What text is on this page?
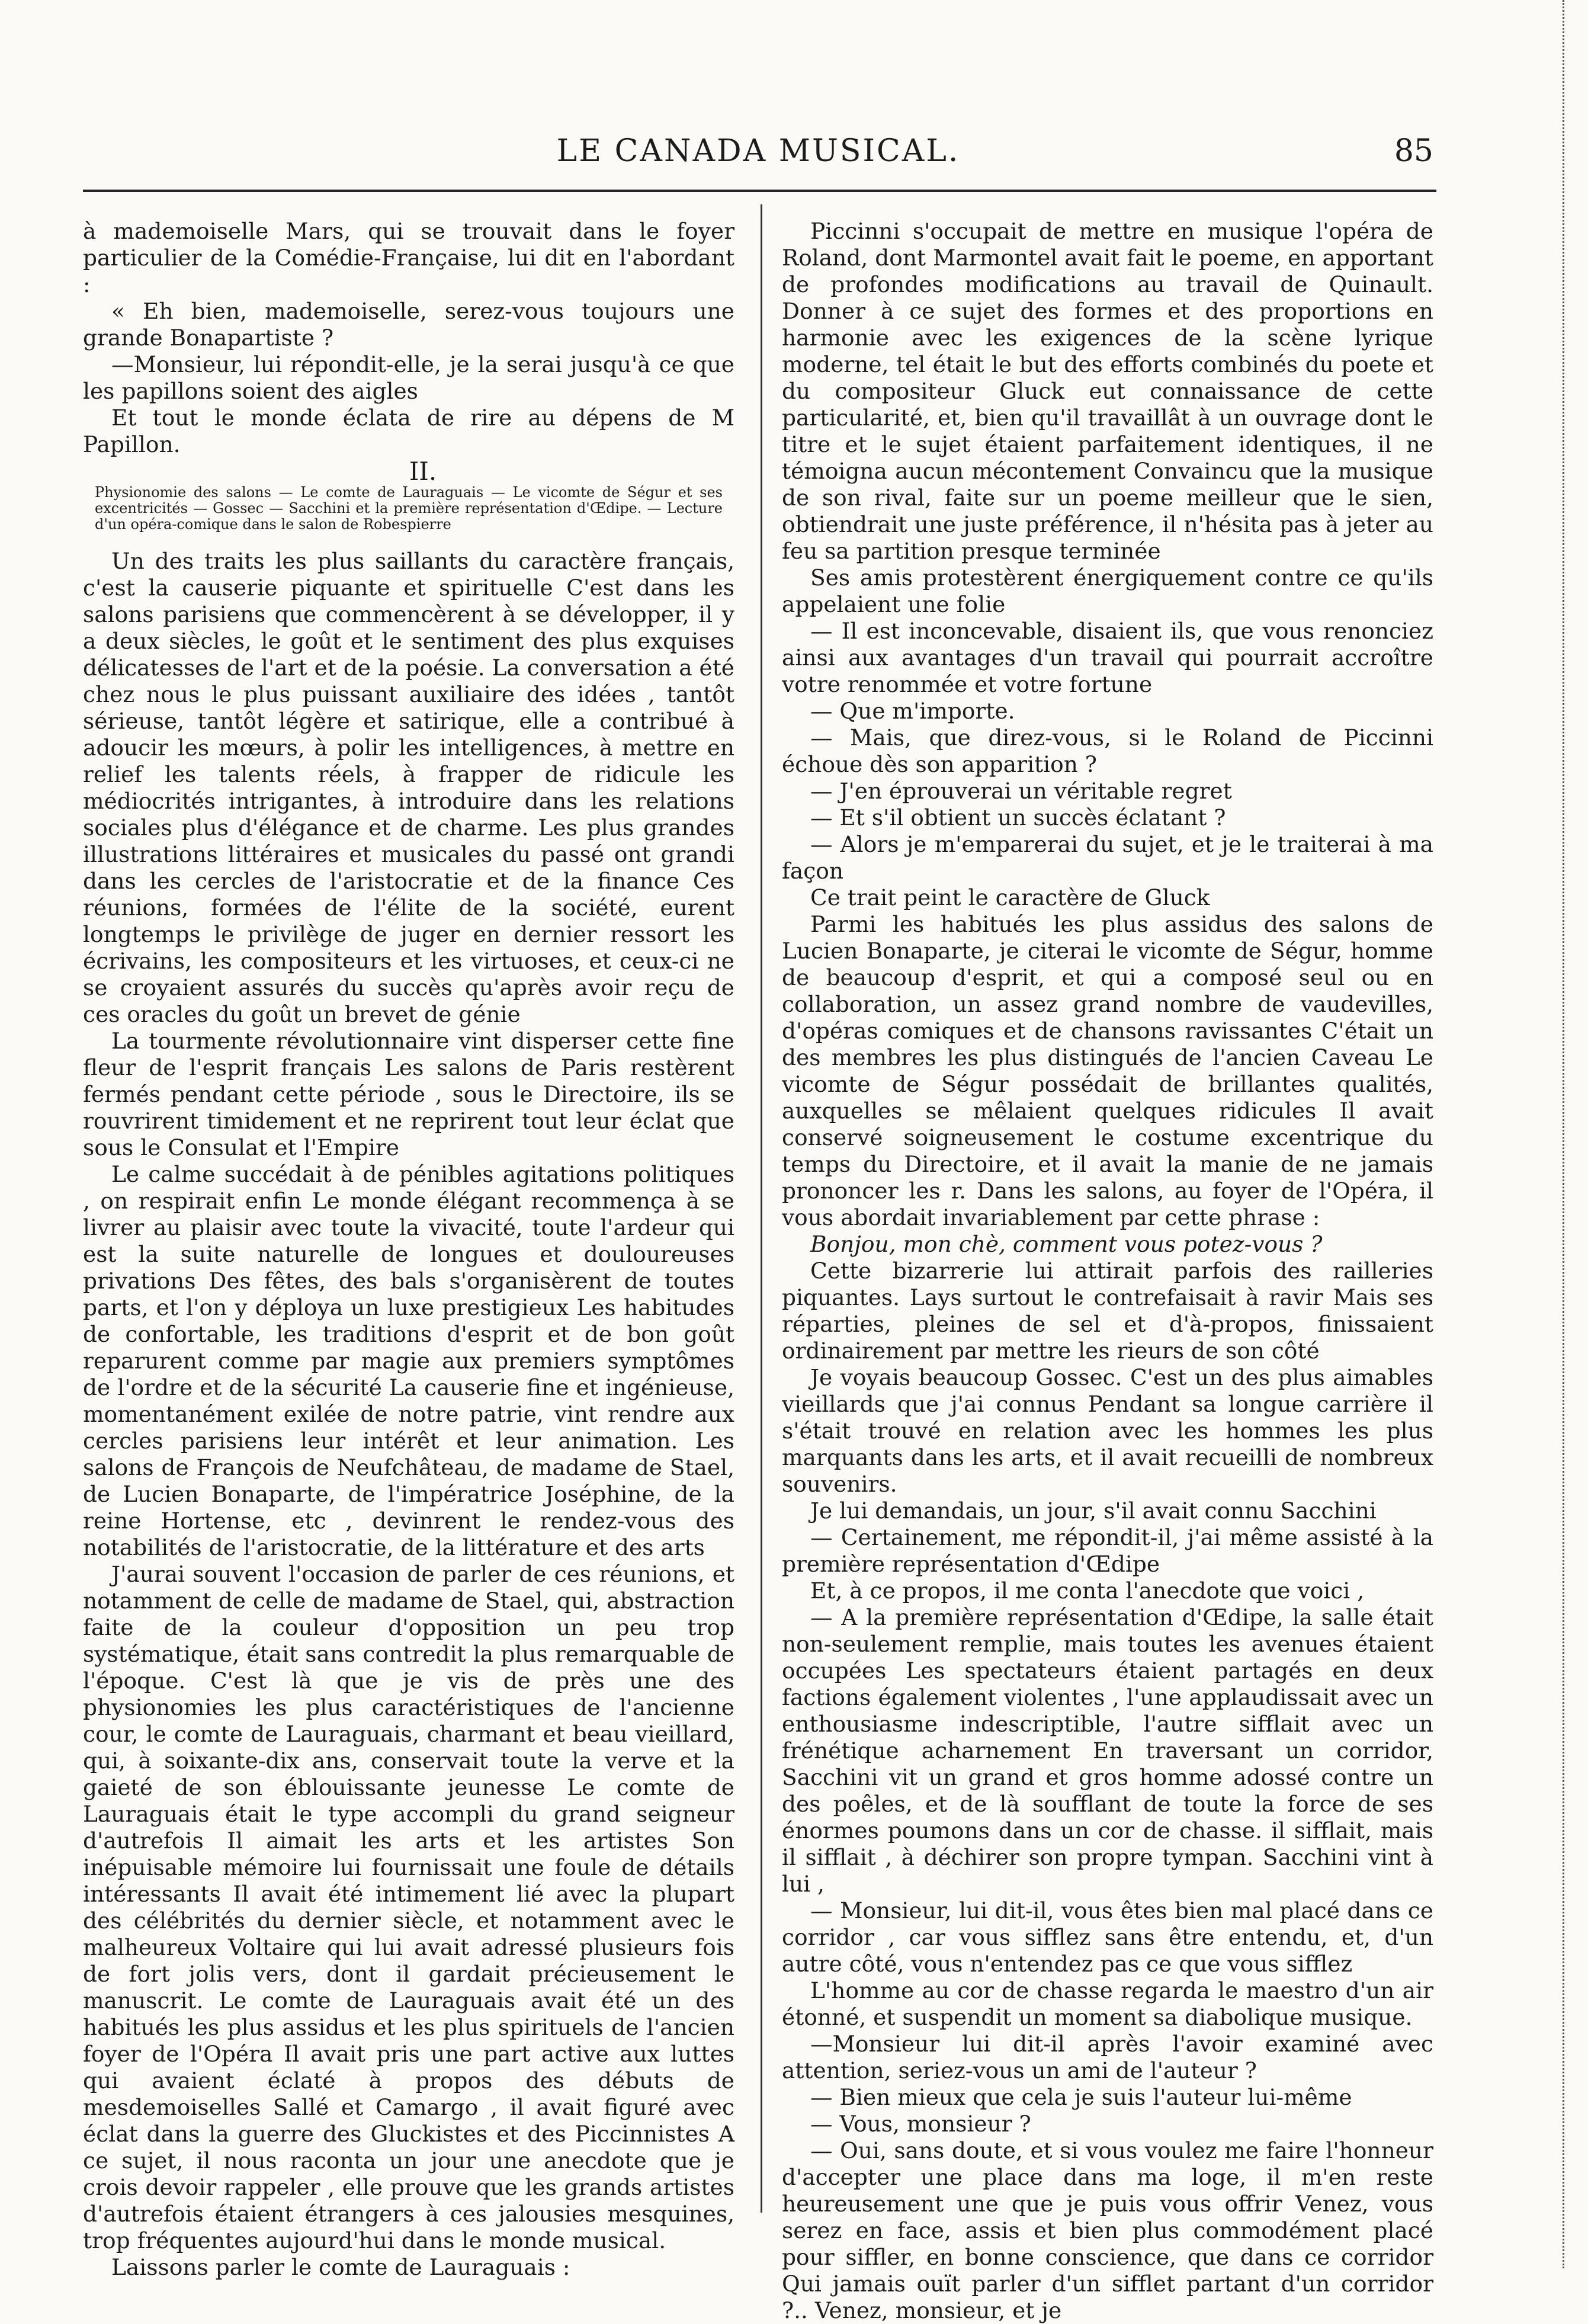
LE CANADA MUSICAL.	85

à mademoiselle Mars, qui se trouvait dans le foyer particulier de la Comédie-Française, lui dit en l'abordant :

« Eh bien, mademoiselle, serez-vous toujours une grande Bonapartiste ?

—Monsieur, lui répondit-elle, je la serai jusqu'à ce que les papillons soient des aigles

Et tout le monde éclata de rire au dépens de M Papillon.

II.

Physionomie des salons — Le comte de Lauraguais — Le vicomte de Ségur et ses excentricités — Gossec — Sacchini et la première représentation d'Œdipe. — Lecture d'un opéra-comique dans le salon de Robespierre

Un des traits les plus saillants du caractère français, c'est la causerie piquante et spirituelle C'est dans les salons parisiens que commencèrent à se développer, il y a deux siècles, le goût et le sentiment des plus exquises délicatesses de l'art et de la poésie. La conversation a été chez nous le plus puissant auxiliaire des idées , tantôt sérieuse, tantôt légère et satirique, elle a contribué à adoucir les mœurs, à polir les intelligences, à mettre en relief les talents réels, à frapper de ridicule les médiocrités intrigantes, à introduire dans les relations sociales plus d'élégance et de charme. Les plus grandes illustrations littéraires et musicales du passé ont grandi dans les cercles de l'aristocratie et de la finance Ces réunions, formées de l'élite de la société, eurent longtemps le privilège de juger en dernier ressort les écrivains, les compositeurs et les virtuoses, et ceux-ci ne se croyaient assurés du succès qu'après avoir reçu de ces oracles du goût un brevet de génie

La tourmente révolutionnaire vint disperser cette fine fleur de l'esprit français Les salons de Paris restèrent fermés pendant cette période , sous le Directoire, ils se rouvrirent timidement et ne reprirent tout leur éclat que sous le Consulat et l'Empire

Le calme succédait à de pénibles agitations politiques , on respirait enfin Le monde élégant recommença à se livrer au plaisir avec toute la vivacité, toute l'ardeur qui est la suite naturelle de longues et douloureuses privations Des fêtes, des bals s'organisèrent de toutes parts, et l'on y déploya un luxe prestigieux Les habitudes de confortable, les traditions d'esprit et de bon goût reparurent comme par magie aux premiers symptômes de l'ordre et de la sécurité La causerie fine et ingénieuse, momentanément exilée de notre patrie, vint rendre aux cercles parisiens leur intérêt et leur animation. Les salons de François de Neufchâteau, de madame de Stael, de Lucien Bonaparte, de l'impératrice Joséphine, de la reine Hortense, etc , devinrent le rendez-vous des notabilités de l'aristocratie, de la littérature et des arts

J'aurai souvent l'occasion de parler de ces réunions, et notamment de celle de madame de Stael, qui, abstraction faite de la couleur d'opposition un peu trop systématique, était sans contredit la plus remarquable de l'époque. C'est là que je vis de près une des physionomies les plus caractéristiques de l'ancienne cour, le comte de Lauraguais, charmant et beau vieillard, qui, à soixante-dix ans, conservait toute la verve et la gaieté de son éblouissante jeunesse Le comte de Lauraguais était le type accompli du grand seigneur d'autrefois Il aimait les arts et les artistes Son inépuisable mémoire lui fournissait une foule de détails intéressants Il avait été intimement lié avec la plupart des célébrités du dernier siècle, et notamment avec le malheureux Voltaire qui lui avait adressé plusieurs fois de fort jolis vers, dont il gardait précieusement le manuscrit. Le comte de Lauraguais avait été un des habitués les plus assidus et les plus spirituels de l'ancien foyer de l'Opéra Il avait pris une part active aux luttes qui avaient éclaté à propos des débuts de mesdemoiselles Sallé et Camargo , il avait figuré avec éclat dans la guerre des Gluckistes et des Piccinnistes A ce sujet, il nous raconta un jour une anecdote que je crois devoir rappeler , elle prouve que les grands artistes d'autrefois étaient étrangers à ces jalousies mesquines, trop fréquentes aujourd'hui dans le monde musical.

Laissons parler le comte de Lauraguais :

Piccinni s'occupait de mettre en musique l'opéra de Roland, dont Marmontel avait fait le poeme, en apportant de profondes modifications au travail de Quinault. Donner à ce sujet des formes et des proportions en harmonie avec les exigences de la scène lyrique moderne, tel était le but des efforts combinés du poete et du compositeur Gluck eut connaissance de cette particularité, et, bien qu'il travaillât à un ouvrage dont le titre et le sujet étaient parfaitement identiques, il ne témoigna aucun mécontement Convaincu que la musique de son rival, faite sur un poeme meilleur que le sien, obtiendrait une juste préférence, il n'hésita pas à jeter au feu sa partition presque terminée

Ses amis protestèrent énergiquement contre ce qu'ils appelaient une folie

— Il est inconcevable, disaient ils, que vous renonciez ainsi aux avantages d'un travail qui pourrait accroître votre renommée et votre fortune

— Que m'importe.

— Mais, que direz-vous, si le Roland de Piccinni échoue dès son apparition ?

— J'en éprouverai un véritable regret

— Et s'il obtient un succès éclatant ?

— Alors je m'emparerai du sujet, et je le traiterai à ma façon

Ce trait peint le caractère de Gluck

Parmi les habitués les plus assidus des salons de Lucien Bonaparte, je citerai le vicomte de Ségur, homme de beaucoup d'esprit, et qui a composé seul ou en collaboration, un assez grand nombre de vaudevilles, d'opéras comiques et de chansons ravissantes C'était un des membres les plus distingués de l'ancien Caveau Le vicomte de Ségur possédait de brillantes qualités, auxquelles se mêlaient quelques ridicules Il avait conservé soigneusement le costume excentrique du temps du Directoire, et il avait la manie de ne jamais prononcer les r. Dans les salons, au foyer de l'Opéra, il vous abordait invariablement par cette phrase :

Bonjou, mon chè, comment vous potez-vous ?

Cette bizarrerie lui attirait parfois des railleries piquantes. Lays surtout le contrefaisait à ravir Mais ses réparties, pleines de sel et d'à-propos, finissaient ordinairement par mettre les rieurs de son côté

Je voyais beaucoup Gossec. C'est un des plus aimables vieillards que j'ai connus Pendant sa longue carrière il s'était trouvé en relation avec les hommes les plus marquants dans les arts, et il avait recueilli de nombreux souvenirs.

Je lui demandais, un jour, s'il avait connu Sacchini

— Certainement, me répondit-il, j'ai même assisté à la première représentation d'Œdipe

Et, à ce propos, il me conta l'anecdote que voici ,

— A la première représentation d'Œdipe, la salle était non-seulement remplie, mais toutes les avenues étaient occupées Les spectateurs étaient partagés en deux factions également violentes , l'une applaudissait avec un enthousiasme indescriptible, l'autre sifflait avec un frénétique acharnement En traversant un corridor, Sacchini vit un grand et gros homme adossé contre un des poêles, et de là soufflant de toute la force de ses énormes poumons dans un cor de chasse. il sifflait, mais il sifflait , à déchirer son propre tympan. Sacchini vint à lui ,

— Monsieur, lui dit-il, vous êtes bien mal placé dans ce corridor , car vous sifflez sans être entendu, et, d'un autre côté, vous n'entendez pas ce que vous sifflez

L'homme au cor de chasse regarda le maestro d'un air étonné, et suspendit un moment sa diabolique musique.

—Monsieur lui dit-il après l'avoir examiné avec attention, seriez-vous un ami de l'auteur ?

— Bien mieux que cela je suis l'auteur lui-même

— Vous, monsieur ?

— Oui, sans doute, et si vous voulez me faire l'honneur d'accepter une place dans ma loge, il m'en reste heureusement une que je puis vous offrir Venez, vous serez en face, assis et bien plus commodément placé pour siffler, en bonne conscience, que dans ce corridor Qui jamais ouït parler d'un sifflet partant d'un corridor ?.. Venez, monsieur, et je
